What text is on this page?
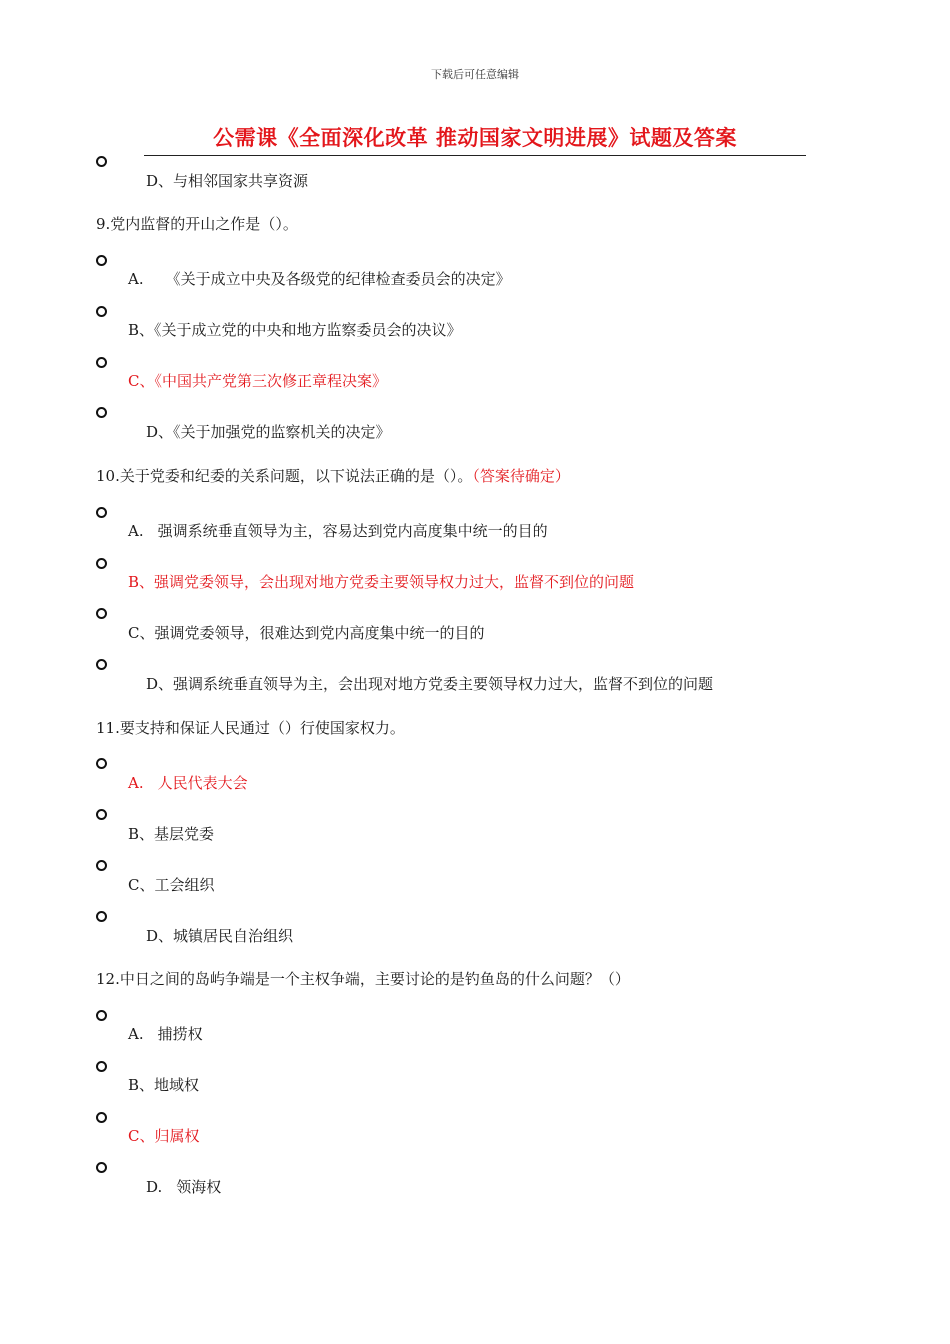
下载后可任意编辑
公需课《全面深化改革 推动国家文明进展》试题及答案
D、与相邻国家共享资源
9.党内监督的开山之作是（）。
A. 《关于成立中央及各级党的纪律检查委员会的决定》
B、《关于成立党的中央和地方监察委员会的决议》
C、《中国共产党第三次修正章程决案》
D、《关于加强党的监察机关的决定》
10.关于党委和纪委的关系问题，以下说法正确的是（）。（答案待确定）
A. 强调系统垂直领导为主，容易达到党内高度集中统一的目的
B、强调党委领导，会出现对地方党委主要领导权力过大，监督不到位的问题
C、强调党委领导，很难达到党内高度集中统一的目的
D、强调系统垂直领导为主，会出现对地方党委主要领导权力过大，监督不到位的问题
11.要支持和保证人民通过（）行使国家权力。
A. 人民代表大会
B、基层党委
C、工会组织
D、城镇居民自治组织
12.中日之间的岛屿争端是一个主权争端，主要讨论的是钓鱼岛的什么问题？（）
A. 捕捞权
B、地域权
C、归属权
D. 领海权
